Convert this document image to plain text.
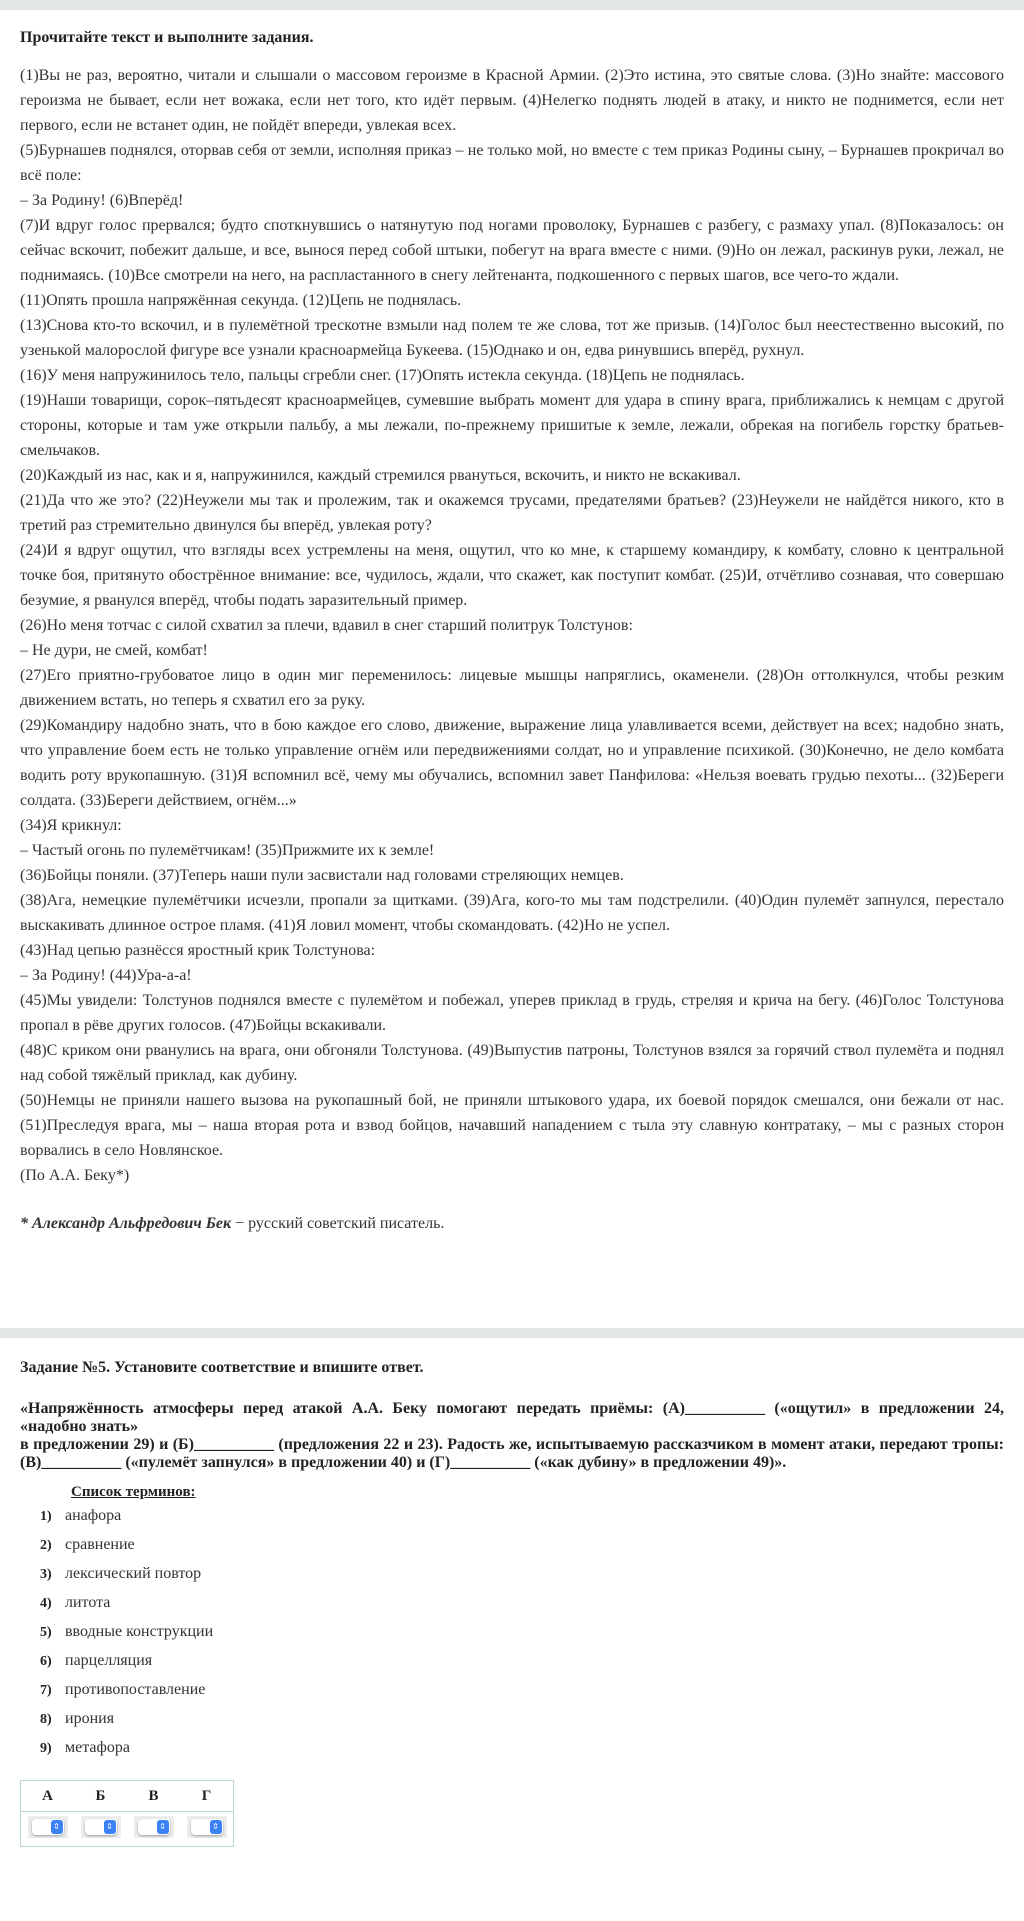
Прочитайте текст и выполните задания.

(1)Вы не раз, вероятно, читали и слышали о массовом героизме в Красной Армии. (2)Это истина, это святые слова. (3)Но знайте: массового героизма не бывает, если нет вожака, если нет того, кто идёт первым. (4)Нелегко поднять людей в атаку, и никто не поднимется, если нет первого, если не встанет один, не пойдёт впереди, увлекая всех.

(5)Бурнашев поднялся, оторвав себя от земли, исполняя приказ – не только мой, но вместе с тем приказ Родины сыну, – Бурнашев прокричал во всё поле:

– За Родину! (6)Вперёд!

(7)И вдруг голос прервался; будто споткнувшись о натянутую под ногами проволоку, Бурнашев с разбегу, с размаху упал. (8)Показалось: он сейчас вскочит, побежит дальше, и все, вынося перед собой штыки, побегут на врага вместе с ними. (9)Но он лежал, раскинув руки, лежал, не поднимаясь. (10)Все смотрели на него, на распластанного в снегу лейтенанта, подкошенного с первых шагов, все чего-то ждали.

(11)Опять прошла напряжённая секунда. (12)Цепь не поднялась.

(13)Снова кто-то вскочил, и в пулемётной трескотне взмыли над полем те же слова, тот же призыв. (14)Голос был неестественно высокий, по узенькой малорослой фигуре все узнали красноармейца Букеева. (15)Однако и он, едва ринувшись вперёд, рухнул.

(16)У меня напружинилось тело, пальцы сгребли снег. (17)Опять истекла секунда. (18)Цепь не поднялась.

(19)Наши товарищи, сорок–пятьдесят красноармейцев, сумевшие выбрать момент для удара в спину врага, приближались к немцам с другой стороны, которые и там уже открыли пальбу, а мы лежали, по-прежнему пришитые к земле, лежали, обрекая на погибель горстку братьев-смельчаков.

(20)Каждый из нас, как и я, напружинился, каждый стремился рвануться, вскочить, и никто не вскакивал.

(21)Да что же это? (22)Неужели мы так и пролежим, так и окажемся трусами, предателями братьев? (23)Неужели не найдётся никого, кто в третий раз стремительно двинулся бы вперёд, увлекая роту?

(24)И я вдруг ощутил, что взгляды всех устремлены на меня, ощутил, что ко мне, к старшему командиру, к комбату, словно к центральной точке боя, притянуто обострённое внимание: все, чудилось, ждали, что скажет, как поступит комбат. (25)И, отчётливо сознавая, что совершаю безумие, я рванулся вперёд, чтобы подать заразительный пример.

(26)Но меня тотчас с силой схватил за плечи, вдавил в снег старший политрук Толстунов:

– Не дури, не смей, комбат!

(27)Его приятно-грубоватое лицо в один миг переменилось: лицевые мышцы напряглись, окаменели. (28)Он оттолкнулся, чтобы резким движением встать, но теперь я схватил его за руку.

(29)Командиру надобно знать, что в бою каждое его слово, движение, выражение лица улавливается всеми, действует на всех; надобно знать, что управление боем есть не только управление огнём или передвижениями солдат, но и управление психикой. (30)Конечно, не дело комбата водить роту врукопашную. (31)Я вспомнил всё, чему мы обучались, вспомнил завет Панфилова: «Нельзя воевать грудью пехоты... (32)Береги солдата. (33)Береги действием, огнём...»

(34)Я крикнул:

– Частый огонь по пулемётчикам! (35)Прижмите их к земле!

(36)Бойцы поняли. (37)Теперь наши пули засвистали над головами стреляющих немцев.

(38)Ага, немецкие пулемётчики исчезли, пропали за щитками. (39)Ага, кого-то мы там подстрелили. (40)Один пулемёт запнулся, перестало выскакивать длинное острое пламя. (41)Я ловил момент, чтобы скомандовать. (42)Но не успел.

(43)Над цепью разнёсся яростный крик Толстунова:

– За Родину! (44)Ура-а-а!

(45)Мы увидели: Толстунов поднялся вместе с пулемётом и побежал, уперев приклад в грудь, стреляя и крича на бегу. (46)Голос Толстунова пропал в рёве других голосов. (47)Бойцы вскакивали.

(48)С криком они рванулись на врага, они обгоняли Толстунова. (49)Выпустив патроны, Толстунов взялся за горячий ствол пулемёта и поднял над собой тяжёлый приклад, как дубину.

(50)Немцы не приняли нашего вызова на рукопашный бой, не приняли штыкового удара, их боевой порядок смешался, они бежали от нас. (51)Преследуя врага, мы – наша вторая рота и взвод бойцов, начавший нападением с тыла эту славную контратаку, – мы с разных сторон ворвались в село Новлянское.

(По А.А. Беку*)

* Александр Альфредович Бек − русский советский писатель.
Задание №5. Установите соответствие и впишите ответ.
«Напряжённость атмосферы перед атакой А.А. Беку помогают передать приёмы: (А)__________ («ощутил» в предложении 24, «надобно знать»
в предложении 29) и (Б)__________ (предложения 22 и 23). Радость же, испытываемую рассказчиком в момент атаки, передают тропы: (В)__________ («пулемёт запнулся» в предложении 40) и (Г)__________ («как дубину» в предложении 49)».
Список терминов:
1) анафора
2) сравнение
3) лексический повтор
4) литота
5) вводные конструкции
6) парцелляция
7) противопоставление
8) ирония
9) метафора
А	Б	В	Г

⇕	⇕	⇕	⇕
